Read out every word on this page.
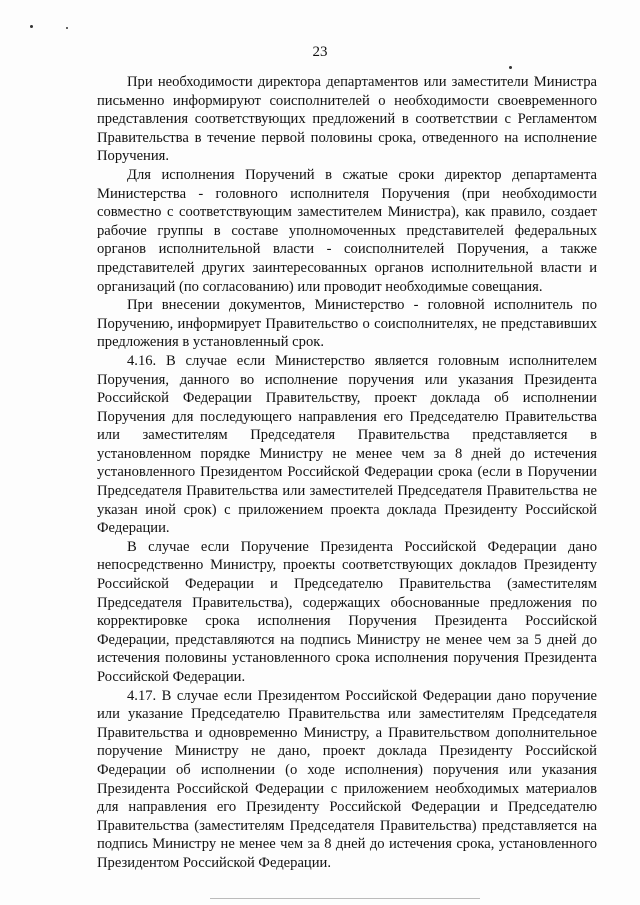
23

При необходимости директора департаментов или заместители Министра письменно информируют соисполнителей о необходимости своевременного представления соответствующих предложений в соответствии с Регламентом Правительства в течение первой половины срока, отведенного на исполнение Поручения.

Для исполнения Поручений в сжатые сроки директор департамента Министерства - головного исполнителя Поручения (при необходимости совместно с соответствующим заместителем Министра), как правило, создает рабочие группы в составе уполномоченных представителей федеральных органов исполнительной власти - соисполнителей Поручения, а также представителей других заинтересованных органов исполнительной власти и организаций (по согласованию) или проводит необходимые совещания.

При внесении документов, Министерство - головной исполнитель по Поручению, информирует Правительство о соисполнителях, не представивших предложения в установленный срок.

4.16. В случае если Министерство является головным исполнителем Поручения, данного во исполнение поручения или указания Президента Российской Федерации Правительству, проект доклада об исполнении Поручения для последующего направления его Председателю Правительства или заместителям Председателя Правительства представляется в установленном порядке Министру не менее чем за 8 дней до истечения установленного Президентом Российской Федерации срока (если в Поручении Председателя Правительства или заместителей Председателя Правительства не указан иной срок) с приложением проекта доклада Президенту Российской Федерации.

В случае если Поручение Президента Российской Федерации дано непосредственно Министру, проекты соответствующих докладов Президенту Российской Федерации и Председателю Правительства (заместителям Председателя Правительства), содержащих обоснованные предложения по корректировке срока исполнения Поручения Президента Российской Федерации, представляются на подпись Министру не менее чем за 5 дней до истечения половины установленного срока исполнения поручения Президента Российской Федерации.

4.17. В случае если Президентом Российской Федерации дано поручение или указание Председателю Правительства или заместителям Председателя Правительства и одновременно Министру, а Правительством дополнительное поручение Министру не дано, проект доклада Президенту Российской Федерации об исполнении (о ходе исполнения) поручения или указания Президента Российской Федерации с приложением необходимых материалов для направления его Президенту Российской Федерации и Председателю Правительства (заместителям Председателя Правительства) представляется на подпись Министру не менее чем за 8 дней до истечения срока, установленного Президентом Российской Федерации.
